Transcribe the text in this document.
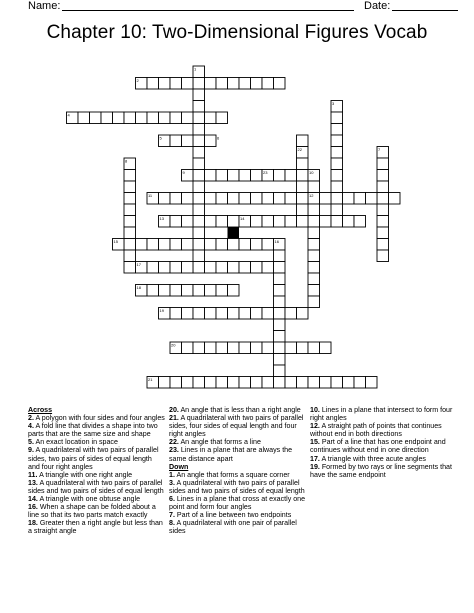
Name:	Date:
Chapter 10: Two-Dimensional Figures Vocab
1
2
3
4
5	6
7
8
9	10
11	12
13	14
15	16
17
18
19
20
21
22
23
Across
2. A polygon with four sides and four angles
4. A fold line that divides a shape into two parts that are the same size and shape
5. An exact location in space
9. A quadrilateral with two pairs of parallel sides, two pairs of sides of equal length and four right angles
11. A triangle with one right angle
13. A quadrilateral with two pairs of parallel sides and two pairs of sides of equal length
14. A triangle with one obtuse angle
16. When a shape can be folded about a line so that its two parts match exactly
18. Greater then a right angle but less than a straight angle
20. An angle that is less than a right angle
21. A quadrilateral with two pairs of parallel sides, four sides of equal length and four right angles
22. An angle that forms a line
23. Lines in a plane that are always the same distance apart
Down
1. An angle that forms a square corner
3. A quadrilateral with two pairs of parallel sides and two pairs of sides of equal length
6. Lines in a plane that cross at exactly one point and form four angles
7. Part of a line between two endpoints
8. A quadrilateral with one pair of parallel sides
10. Lines in a plane that intersect to form four right angles
12. A straight path of points that continues without end in both directions
15. Part of a line that has one endpoint and continues without end in one direction
17. A triangle with three acute angles
19. Formed by two rays or line segments that have the same endpoint
